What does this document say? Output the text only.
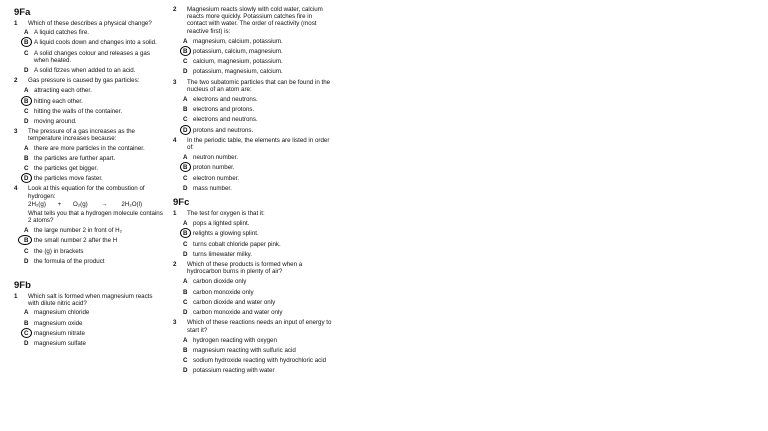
9Fa
1	Which of these describes a physical change?
A A liquid catches fire.
B A liquid cools down and changes into a solid.
C A solid changes colour and releases a gas when heated.
D A solid fizzes when added to an acid.
2	Gas pressure is caused by gas particles:
A attracting each other.
B hitting each other.
C hitting the walls of the container.
D moving around.
3	The pressure of a gas increases as the temperature increases because:
A there are more particles in the container.
B the particles are further apart.
C the particles get bigger.
D the particles move faster.
4	Look at this equation for the combustion of hydrogen:
2H₂(g) + O₂(g) → 2H₂O(l)
What tells you that a hydrogen molecule contains 2 atoms?
A the large number 2 in front of H₂
B the small number 2 after the H
C the (g) in brackets
D the formula of the product
9Fb
1	Which salt is formed when magnesium reacts with dilute nitric acid?
A magnesium chloride
B magnesium oxide
C magnesium nitrate
D magnesium sulfate
2	Magnesium reacts slowly with cold water, calcium reacts more quickly. Potassium catches fire in contact with water. The order of reactivity (most reactive first) is:
A magnesium, calcium, potassium.
B potassium, calcium, magnesium.
C calcium, magnesium, potassium.
D potassium, magnesium, calcium.
3	The two subatomic particles that can be found in the nucleus of an atom are:
A electrons and neutrons.
B electrons and protons.
C electrons and neutrons.
D protons and neutrons.
4	In the periodic table, the elements are listed in order of:
A neutron number.
B proton number.
C electron number.
D mass number.
9Fc
1	The test for oxygen is that it:
A pops a lighted splint.
B relights a glowing splint.
C turns cobalt chloride paper pink.
D turns limewater milky.
2	Which of these products is formed when a hydrocarbon burns in plenty of air?
A carbon dioxide only
B carbon monoxide only
C carbon dioxide and water only
D carbon monoxide and water only
3	Which of these reactions needs an input of energy to start it?
A hydrogen reacting with oxygen
B magnesium reacting with sulfuric acid
C sodium hydroxide reacting with hydrochloric acid
D potassium reacting with water
